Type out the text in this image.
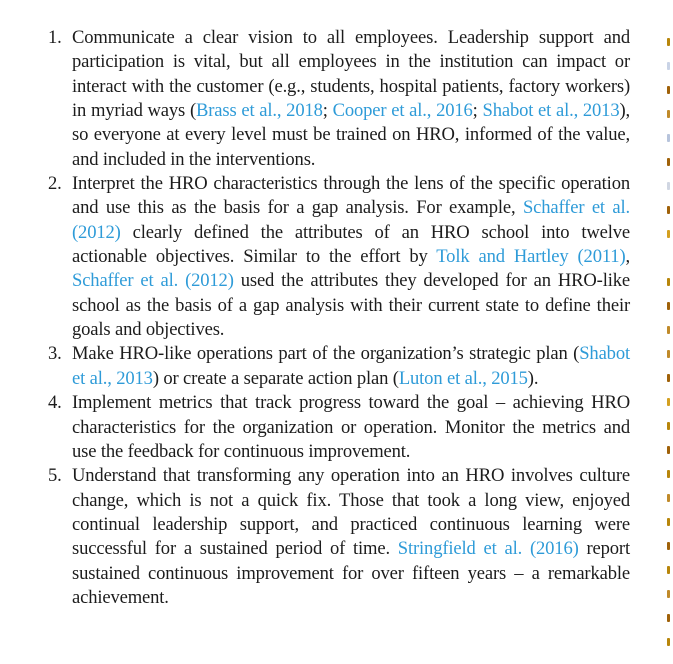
1. Communicate a clear vision to all employees. Leadership support and participation is vital, but all employees in the institution can impact or interact with the customer (e.g., students, hospital patients, factory workers) in myriad ways (Brass et al., 2018; Cooper et al., 2016; Shabot et al., 2013), so everyone at every level must be trained on HRO, informed of the value, and included in the interventions.
2. Interpret the HRO characteristics through the lens of the specific operation and use this as the basis for a gap analysis. For example, Schaffer et al. (2012) clearly defined the attributes of an HRO school into twelve actionable objectives. Similar to the effort by Tolk and Hartley (2011), Schaffer et al. (2012) used the attributes they developed for an HRO-like school as the basis of a gap analysis with their current state to define their goals and objectives.
3. Make HRO-like operations part of the organization’s strategic plan (Shabot et al., 2013) or create a separate action plan (Luton et al., 2015).
4. Implement metrics that track progress toward the goal – achieving HRO characteristics for the organization or operation. Monitor the metrics and use the feedback for continuous improvement.
5. Understand that transforming any operation into an HRO involves culture change, which is not a quick fix. Those that took a long view, enjoyed continual leadership support, and practiced continuous learning were successful for a sustained period of time. Stringfield et al. (2016) report sustained continuous improvement for over fifteen years – a remarkable achievement.
